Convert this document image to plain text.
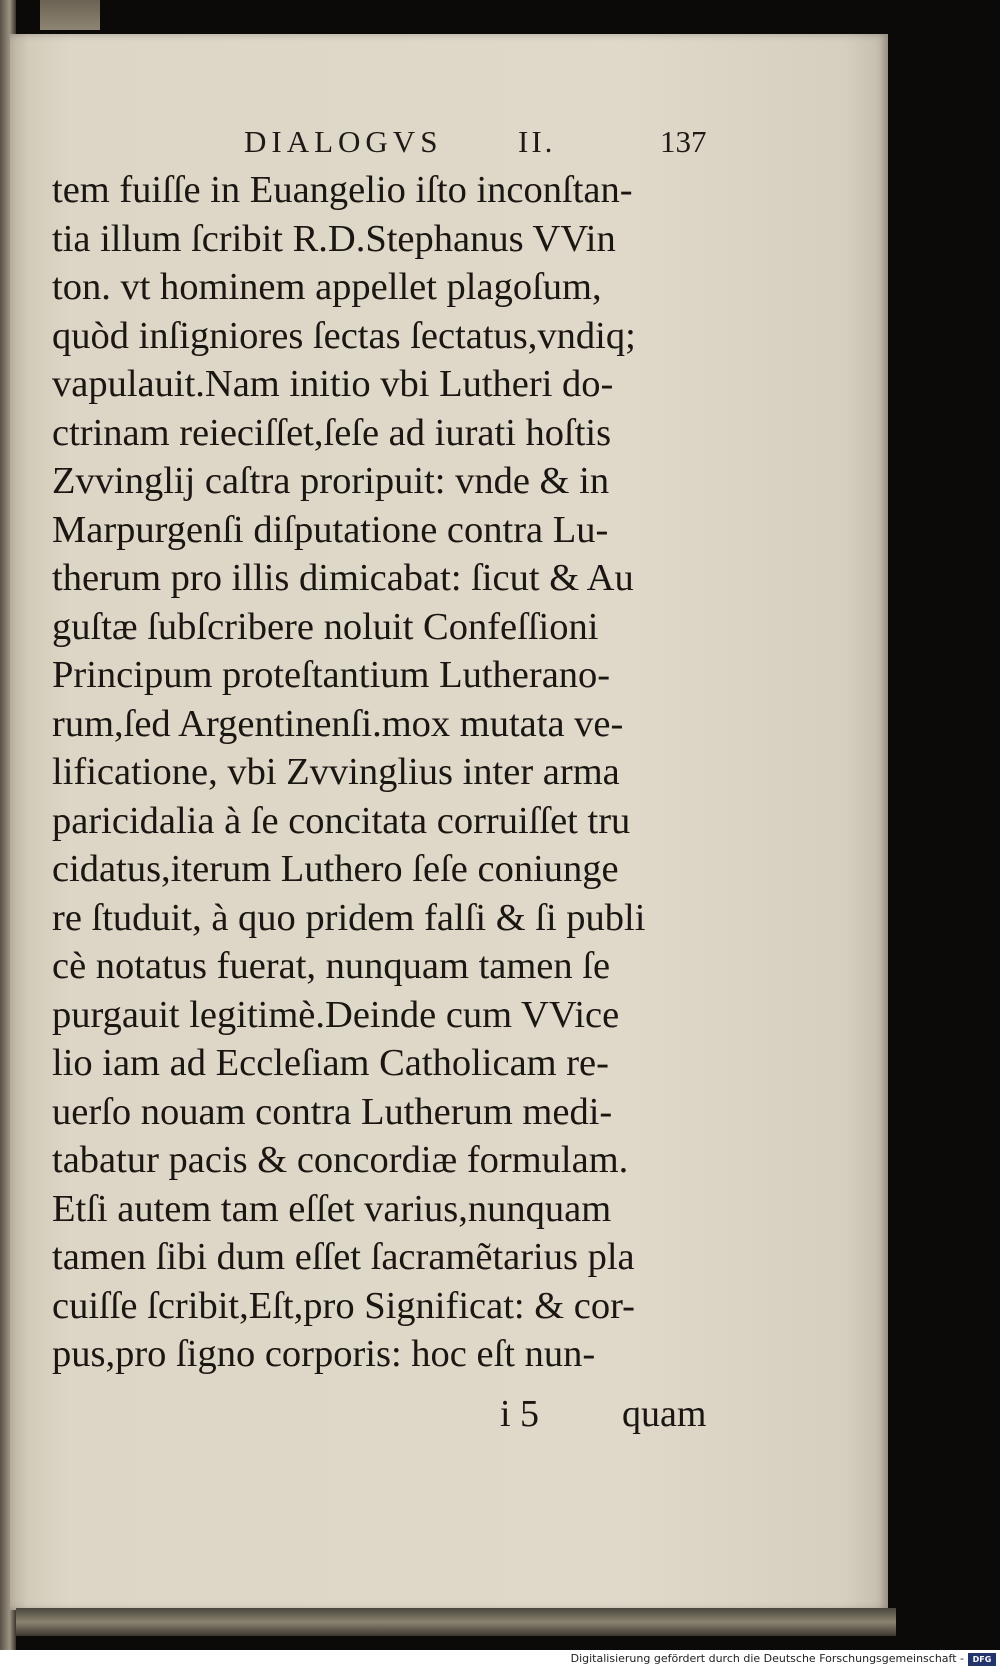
DIALOGVS II.	137
tem fuiſſe in Euangelio iſto inconſtan-
tia illum ſcribit R.D.Stephanus VVin
ton. vt hominem appellet plagoſum,
quòd inſigniores ſectas ſectatus,vndiq;
vapulauit.Nam initio vbi Lutheri do-
ctrinam reieciſſet,ſeſe ad iurati hoſtis
Zvvinglij caſtra proripuit: vnde & in
Marpurgenſi diſputatione contra Lu-
therum pro illis dimicabat: ſicut & Au
guſtæ ſubſcribere noluit Confeſſioni
Principum proteſtantium Lutherano-
rum,ſed Argentinenſi.mox mutata ve-
lificatione, vbi Zvvinglius inter arma
paricidalia à ſe concitata corruiſſet tru
cidatus,iterum Luthero ſeſe coniunge
re ſtuduit, à quo pridem falſi & ſi publi
cè notatus fuerat, nunquam tamen ſe
purgauit legitimè.Deinde cum VVice
lio iam ad Eccleſiam Catholicam re-
uerſo nouam contra Lutherum medi-
tabatur pacis & concordiæ formulam.
Etſi autem tam eſſet varius,nunquam
tamen ſibi dum eſſet ſacramẽtarius pla
cuiſſe ſcribit,Eſt,pro Significat: & cor-
pus,pro ſigno corporis: hoc eſt nun-
i 5 quam
Digitalisierung gefördert durch die Deutsche Forschungsgemeinschaft -	DFG
